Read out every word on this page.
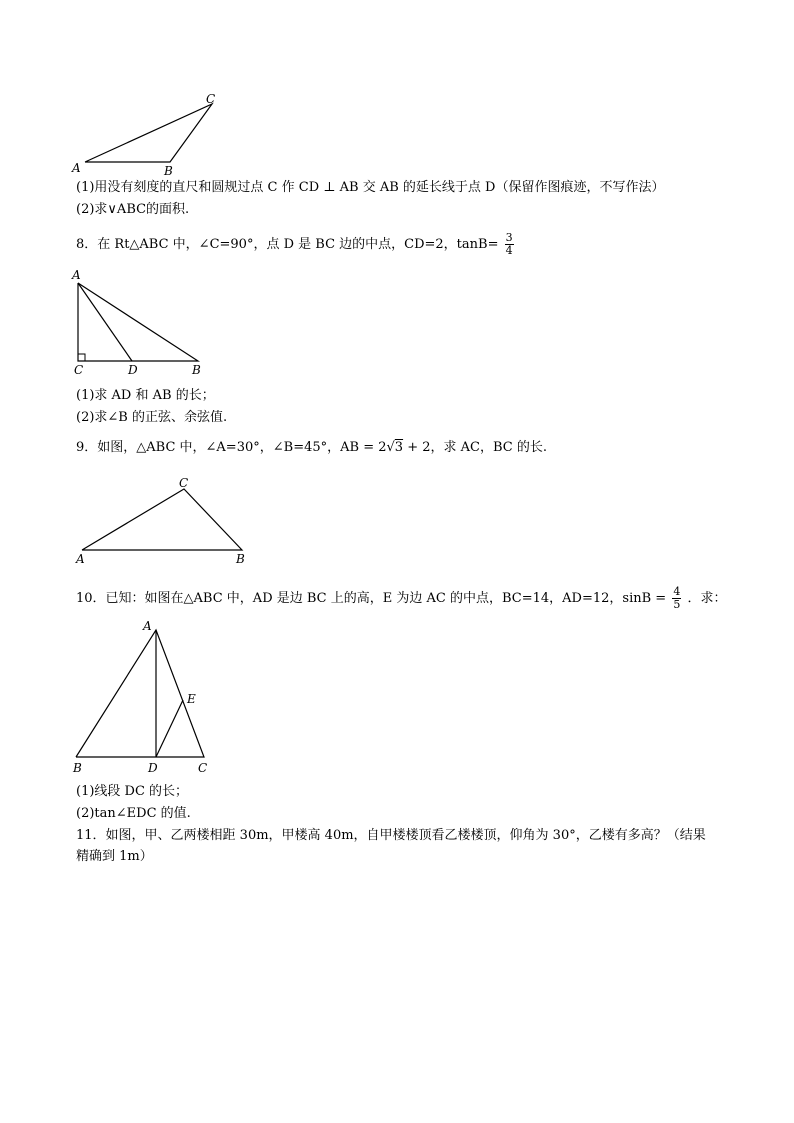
A	B
C
(1)用没有刻度的直尺和圆规过点 C 作 CD ⊥ AB 交 AB 的延长线于点 D（保留作图痕迹，不写作法）
(2)求∨ABC的面积.
8．在 Rt△ABC 中，∠C=90°，点 D 是 BC 边的中点，CD=2，$\tan B= \frac{3}{4}$
A
C	D	B
(1)求 AD 和 AB 的长；
(2)求∠B 的正弦、余弦值.
9．如图，△ABC 中，∠A=30°，∠B=45°，AB = 2√3 + 2，求 AC，BC 的长.
A
C
B
10．已知：如图在△ABC 中，AD 是边 BC 上的高，E 为边 AC 的中点，BC=14，AD=12，$\sin B = \frac{4}{5}$ ．求：
A
E
B	D	C
(1)线段 DC 的长；
(2)tan∠EDC 的值.
11．如图，甲、乙两楼相距 30m，甲楼高 40m，自甲楼楼顶看乙楼楼顶，仰角为 30°，乙楼有多高？（结果
精确到 1m）
